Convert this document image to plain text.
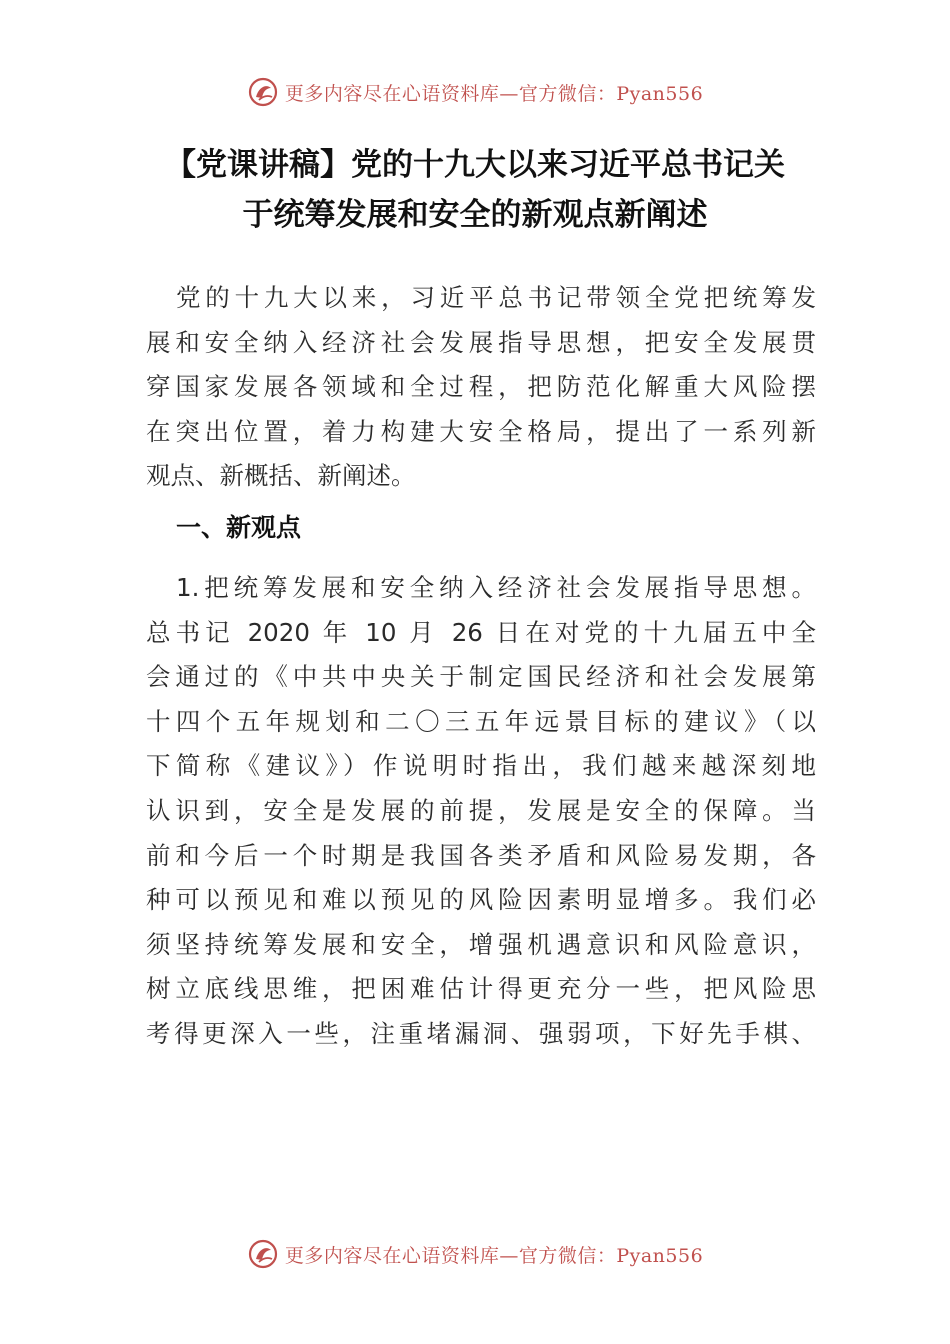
更多内容尽在心语资料库—官方微信：Pyan556
【党课讲稿】党的十九大以来习近平总书记关
于统筹发展和安全的新观点新阐述
党的十九大以来，习近平总书记带领全党把统筹发
展和安全纳入经济社会发展指导思想，把安全发展贯
穿国家发展各领域和全过程，把防范化解重大风险摆
在突出位置，着力构建大安全格局，提出了一系列新
观点、新概括、新阐述。
一、新观点
1.把统筹发展和安全纳入经济社会发展指导思想。
总书记 2020 年 10 月 26 日在对党的十九届五中全
会通过的《中共中央关于制定国民经济和社会发展第
十四个五年规划和二〇三五年远景目标的建议》（以
下简称《建议》）作说明时指出，我们越来越深刻地
认识到，安全是发展的前提，发展是安全的保障。当
前和今后一个时期是我国各类矛盾和风险易发期，各
种可以预见和难以预见的风险因素明显增多。我们必
须坚持统筹发展和安全，增强机遇意识和风险意识，
树立底线思维，把困难估计得更充分一些，把风险思
考得更深入一些，注重堵漏洞、强弱项，下好先手棋、
更多内容尽在心语资料库—官方微信：Pyan556
